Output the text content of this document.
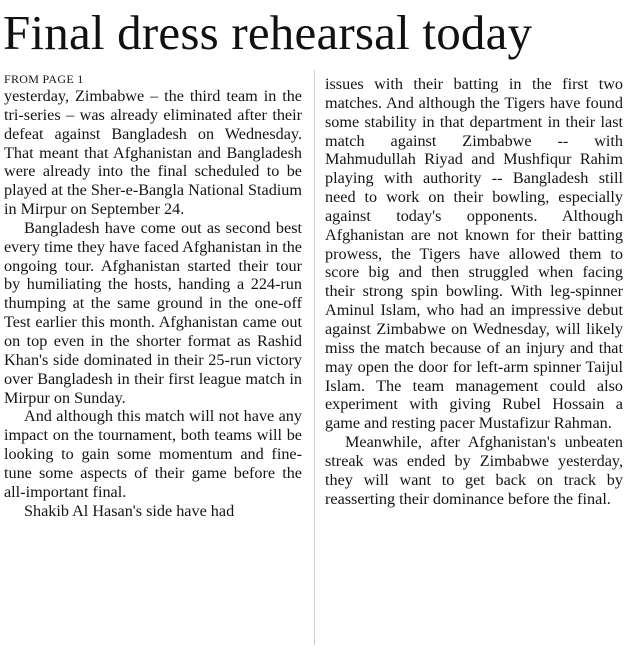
Final dress rehearsal today
FROM PAGE 1

yesterday, Zimbabwe – the third team in the tri-series – was already eliminated after their defeat against Bangladesh on Wednesday. That meant that Afghanistan and Bangladesh were already into the final scheduled to be played at the Sher-e-Bangla National Stadium in Mirpur on September 24.

Bangladesh have come out as second best every time they have faced Afghanistan in the ongoing tour. Afghanistan started their tour by humiliating the hosts, handing a 224-run thumping at the same ground in the one-off Test earlier this month. Afghanistan came out on top even in the shorter format as Rashid Khan's side dominated in their 25-run victory over Bangladesh in their first league match in Mirpur on Sunday.

And although this match will not have any impact on the tournament, both teams will be looking to gain some momentum and fine-tune some aspects of their game before the all-important final.

Shakib Al Hasan's side have had

issues with their batting in the first two matches. And although the Tigers have found some stability in that department in their last match against Zimbabwe -- with Mahmudullah Riyad and Mushfiqur Rahim playing with authority -- Bangladesh still need to work on their bowling, especially against today's opponents. Although Afghanistan are not known for their batting prowess, the Tigers have allowed them to score big and then struggled when facing their strong spin bowling. With leg-spinner Aminul Islam, who had an impressive debut against Zimbabwe on Wednesday, will likely miss the match because of an injury and that may open the door for left-arm spinner Taijul Islam. The team management could also experiment with giving Rubel Hossain a game and resting pacer Mustafizur Rahman.

Meanwhile, after Afghanistan's unbeaten streak was ended by Zimbabwe yesterday, they will want to get back on track by reasserting their dominance before the final.
